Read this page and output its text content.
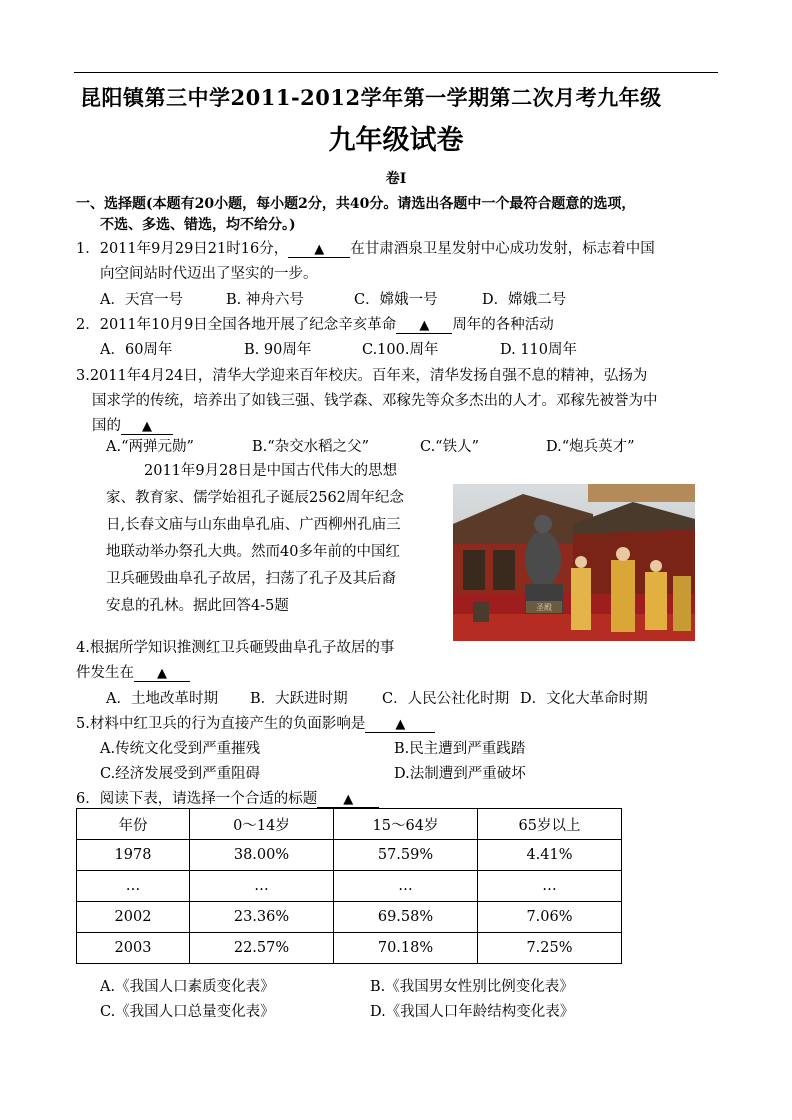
昆阳镇第三中学2011-2012学年第一学期第二次月考九年级
九年级试卷
卷Ⅰ
一、选择题(本题有20小题，每小题2分，共40分。请选出各题中一个最符合题意的选项，
不选、多选、错选，均不给分。)
1．2011年9月29日21时16分， ▲ 在甘肃酒泉卫星发射中心成功发射，标志着中国
向空间站时代迈出了坚实的一步。
A．天宫一号	B. 神舟六号	C．嫦娥一号	D．嫦娥二号
2．2011年10月9日全国各地开展了纪念辛亥革命 ▲ 周年的各种活动
A．60周年	B. 90周年	C.100.周年	D. 110周年
3.2011年4月24日，清华大学迎来百年校庆。百年来，清华发扬自强不息的精神，弘扬为
国求学的传统，培养出了如钱三强、钱学森、邓稼先等众多杰出的人才。邓稼先被誉为中
国的 ▲
A.“两弹元勋”	B.“杂交水稻之父”	C.“铁人”	D.“炮兵英才”
2011年9月28日是中国古代伟大的思想家、教育家、儒学始祖孔子诞辰2562周年纪念日,长春文庙与山东曲阜孔庙、广西柳州孔庙三地联动举办祭孔大典。然而40多年前的中国红卫兵砸毁曲阜孔子故居，扫荡了孔子及其后裔安息的孔林。据此回答4-5题	圣殿
4.根据所学知识推测红卫兵砸毁曲阜孔子故居的事
件发生在 ▲
A．土地改革时期 B．大跃进时期 C．人民公社化时期 D．文化大革命时期
5.材料中红卫兵的行为直接产生的负面影响是 ▲
A.传统文化受到严重摧残	B.民主遭到严重践踏
C.经济发展受到严重阻碍	D.法制遭到严重破坏
6．阅读下表，请选择一个合适的标题 ▲
年份	0～14岁	15～64岁	65岁以上
1978	38.00%	57.59%	4.41%
…	…	…	…
2002	23.36%	69.58%	7.06%
2003	22.57%	70.18%	7.25%
A.《我国人口素质变化表》	B.《我国男女性别比例变化表》
C.《我国人口总量变化表》	D.《我国人口年龄结构变化表》
